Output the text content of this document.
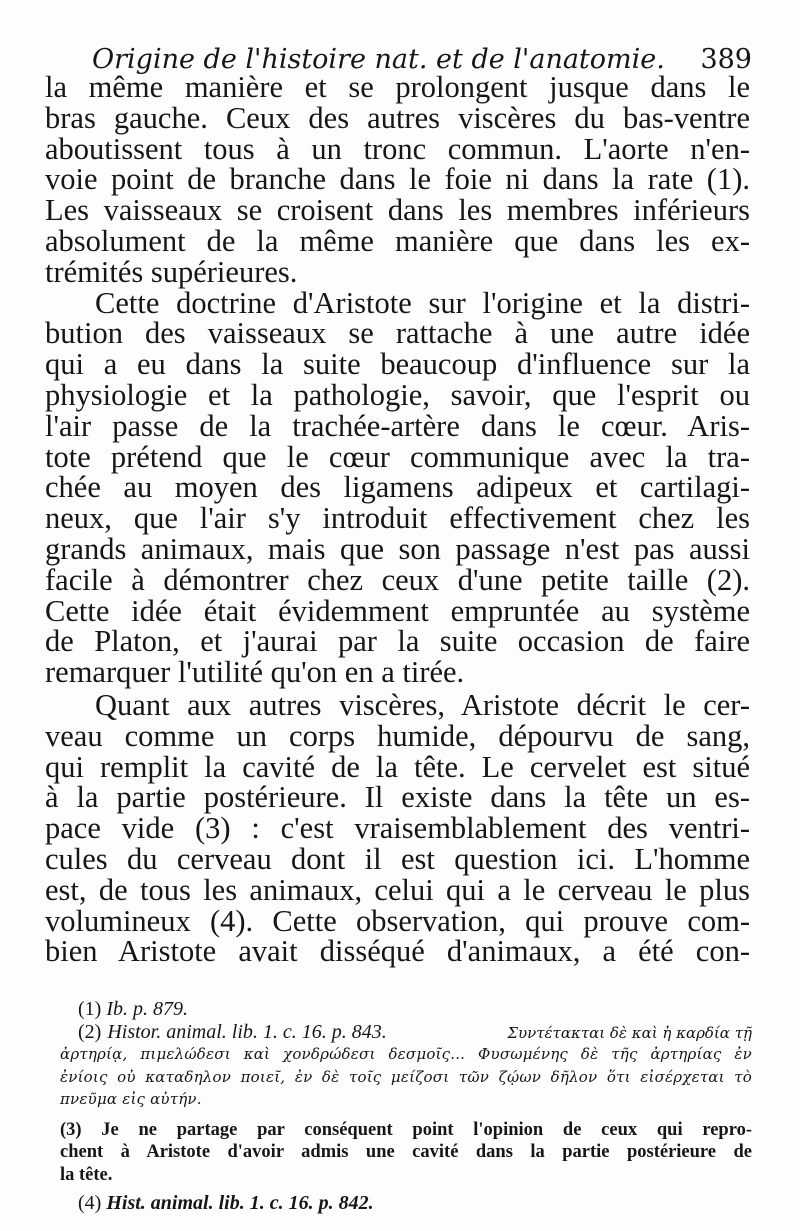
Origine de l'histoire nat. et de l'anatomie. 389
la même manière et se prolongent jusque dans le
bras gauche. Ceux des autres viscères du bas-ventre
aboutissent tous à un tronc commun. L'aorte n'en-
voie point de branche dans le foie ni dans la rate (1).
Les vaisseaux se croisent dans les membres inférieurs
absolument de la même manière que dans les ex-
trémités supérieures.
Cette doctrine d'Aristote sur l'origine et la distri-
bution des vaisseaux se rattache à une autre idée
qui a eu dans la suite beaucoup d'influence sur la
physiologie et la pathologie, savoir, que l'esprit ou
l'air passe de la trachée-artère dans le cœur. Aris-
tote prétend que le cœur communique avec la tra-
chée au moyen des ligamens adipeux et cartilagi-
neux, que l'air s'y introduit effectivement chez les
grands animaux, mais que son passage n'est pas aussi
facile à démontrer chez ceux d'une petite taille (2).
Cette idée était évidemment empruntée au système
de Platon, et j'aurai par la suite occasion de faire
remarquer l'utilité qu'on en a tirée.
Quant aux autres viscères, Aristote décrit le cer-
veau comme un corps humide, dépourvu de sang,
qui remplit la cavité de la tête. Le cervelet est situé
à la partie postérieure. Il existe dans la tête un es-
pace vide (3) : c'est vraisemblablement des ventri-
cules du cerveau dont il est question ici. L'homme
est, de tous les animaux, celui qui a le cerveau le plus
volumineux (4). Cette observation, qui prouve com-
bien Aristote avait disséqué d'animaux, a été con-
(1) Ib. p. 879.
(2) Histor. animal. lib. 1. c. 16. p. 843.	Συντέτακται δὲ καὶ ἡ καρδία τῇ
ἀρτηρίᾳ, πιμελώδεσι καὶ χονδρώδεσι δεσμοῖς... Φυσωμένης δὲ τῆς ἀρτηρίας ἐν
ἐνίοις οὐ καταδηλον ποιεῖ, ἐν δὲ τοῖς μείζοσι τῶν ζῴων δῆλον ὅτι εἰσέρχεται τὸ
πνεῦμα εἰς αὐτήν.
(3) Je ne partage par conséquent point l'opinion de ceux qui repro-
chent à Aristote d'avoir admis une cavité dans la partie postérieure de
la tête.
(4) Hist. animal. lib. 1. c. 16. p. 842.
